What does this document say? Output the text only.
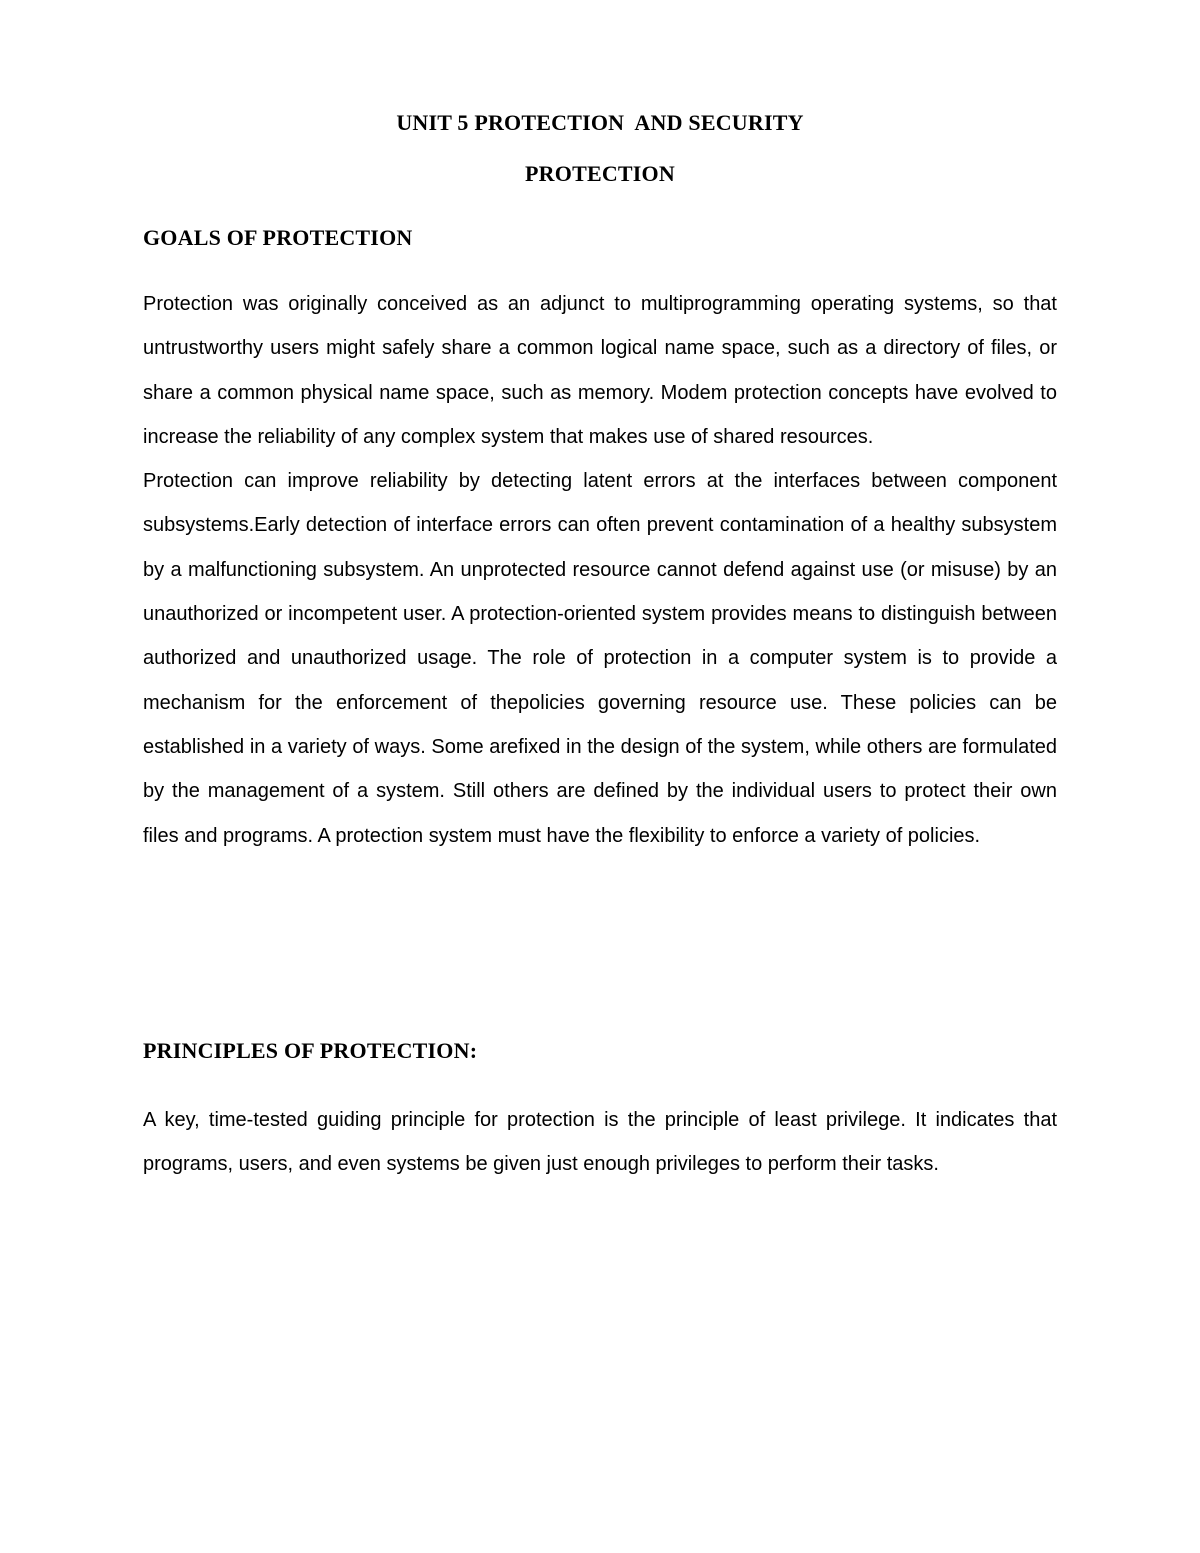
UNIT 5 PROTECTION  AND SECURITY
PROTECTION
GOALS OF PROTECTION

Protection was originally conceived as an adjunct to multiprogramming operating systems, so that untrustworthy users might safely share a common logical name space, such as a directory of files, or share a common physical name space, such as memory. Modem protection concepts have evolved to increase the reliability of any complex system that makes use of shared resources.
Protection can improve reliability by detecting latent errors at the interfaces between component subsystems.Early detection of interface errors can often prevent contamination of a healthy subsystem by a malfunctioning subsystem. An unprotected resource cannot defend against use (or misuse) by an unauthorized or incompetent user. A protection-oriented system provides means to distinguish between authorized and unauthorized usage. The role of protection in a computer system is to provide a mechanism for the enforcement of thepolicies governing resource use. These policies can be established in a variety of ways. Some arefixed in the design of the system, while others are formulated by the management of a system. Still others are defined by the individual users to protect their own files and programs. A protection system must have the flexibility to enforce a variety of policies.

PRINCIPLES OF PROTECTION:

A key, time-tested guiding principle for protection is the principle of least privilege. It indicates that programs, users, and even systems be given just enough privileges to perform their tasks.
